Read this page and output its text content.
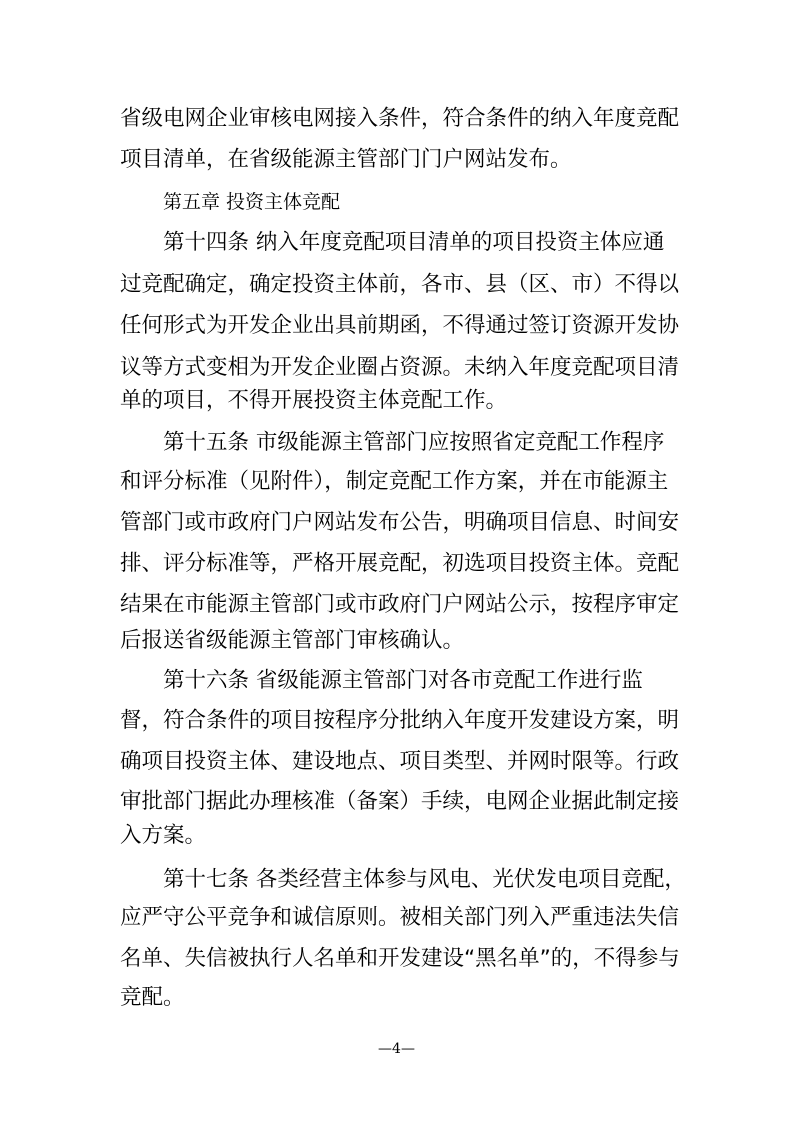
省级电网企业审核电网接入条件，符合条件的纳入年度竞配
项目清单，在省级能源主管部门门户网站发布。
第五章 投资主体竞配
第十四条 纳入年度竞配项目清单的项目投资主体应通
过竞配确定，确定投资主体前，各市、县（区、市）不得以
任何形式为开发企业出具前期函，不得通过签订资源开发协
议等方式变相为开发企业圈占资源。未纳入年度竞配项目清
单的项目，不得开展投资主体竞配工作。
第十五条 市级能源主管部门应按照省定竞配工作程序
和评分标准（见附件），制定竞配工作方案，并在市能源主
管部门或市政府门户网站发布公告，明确项目信息、时间安
排、评分标准等，严格开展竞配，初选项目投资主体。竞配
结果在市能源主管部门或市政府门户网站公示，按程序审定
后报送省级能源主管部门审核确认。
第十六条 省级能源主管部门对各市竞配工作进行监
督，符合条件的项目按程序分批纳入年度开发建设方案，明
确项目投资主体、建设地点、项目类型、并网时限等。行政
审批部门据此办理核准（备案）手续，电网企业据此制定接
入方案。
第十七条 各类经营主体参与风电、光伏发电项目竞配，
应严守公平竞争和诚信原则。被相关部门列入严重违法失信
名单、失信被执行人名单和开发建设“黑名单”的，不得参与
竞配。
—4—
